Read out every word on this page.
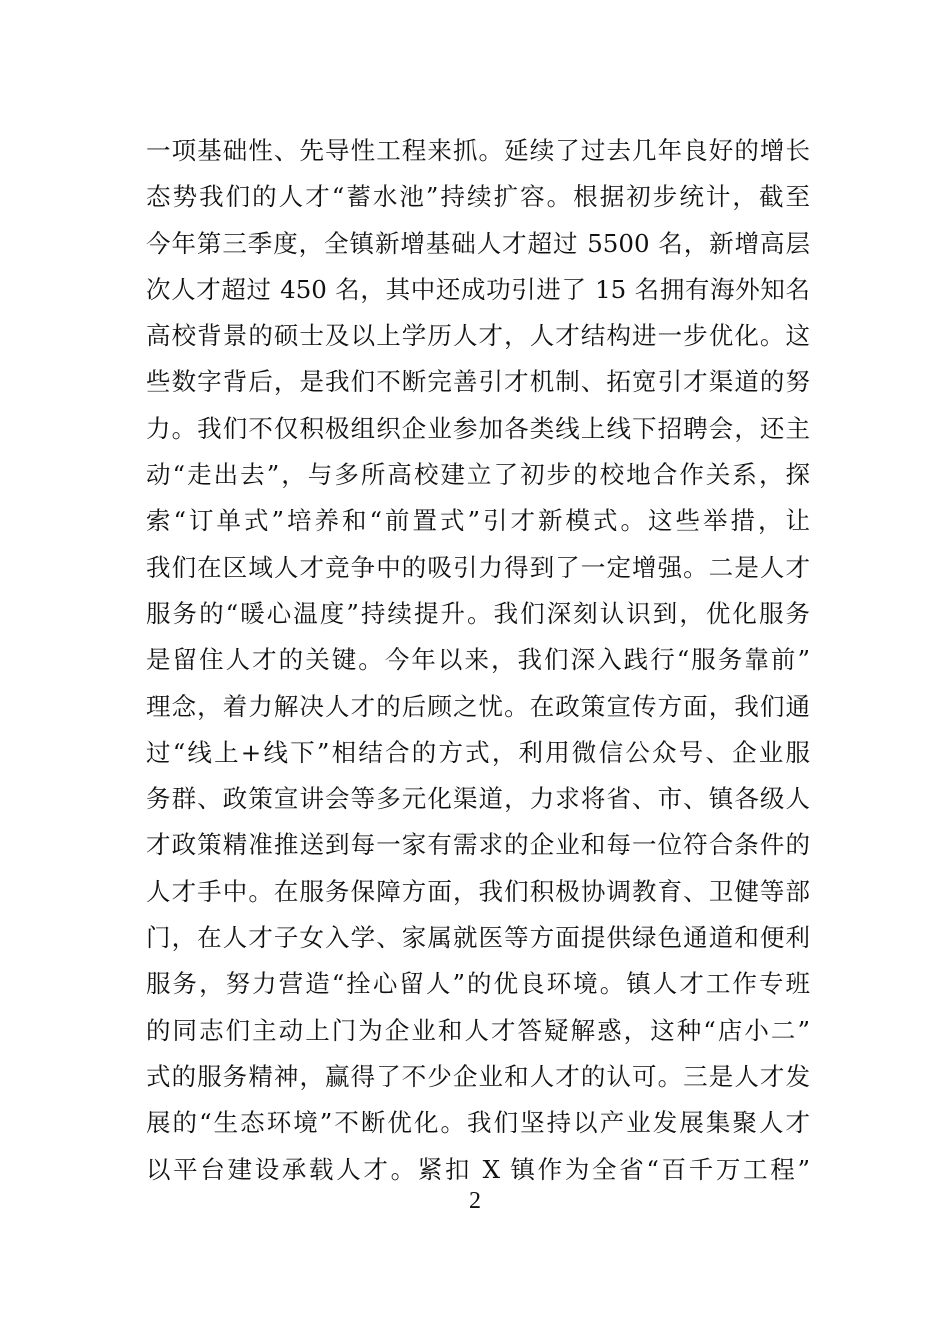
一项基础性、先导性工程来抓。延续了过去几年良好的增长
态势我们的人才“蓄水池”持续扩容。根据初步统计，截至
今年第三季度，全镇新增基础人才超过 5500 名，新增高层
次人才超过 450 名，其中还成功引进了 15 名拥有海外知名
高校背景的硕士及以上学历人才，人才结构进一步优化。这
些数字背后，是我们不断完善引才机制、拓宽引才渠道的努
力。我们不仅积极组织企业参加各类线上线下招聘会，还主
动“走出去”，与多所高校建立了初步的校地合作关系，探
索“订单式”培养和“前置式”引才新模式。这些举措，让
我们在区域人才竞争中的吸引力得到了一定增强。二是人才
服务的“暖心温度”持续提升。我们深刻认识到，优化服务
是留住人才的关键。今年以来，我们深入践行“服务靠前”
理念，着力解决人才的后顾之忧。在政策宣传方面，我们通
过“线上+线下”相结合的方式，利用微信公众号、企业服
务群、政策宣讲会等多元化渠道，力求将省、市、镇各级人
才政策精准推送到每一家有需求的企业和每一位符合条件的
人才手中。在服务保障方面，我们积极协调教育、卫健等部
门，在人才子女入学、家属就医等方面提供绿色通道和便利
服务，努力营造“拴心留人”的优良环境。镇人才工作专班
的同志们主动上门为企业和人才答疑解惑，这种“店小二”
式的服务精神，赢得了不少企业和人才的认可。三是人才发
展的“生态环境”不断优化。我们坚持以产业发展集聚人才
以平台建设承载人才。紧扣 X 镇作为全省“百千万工程”
2
